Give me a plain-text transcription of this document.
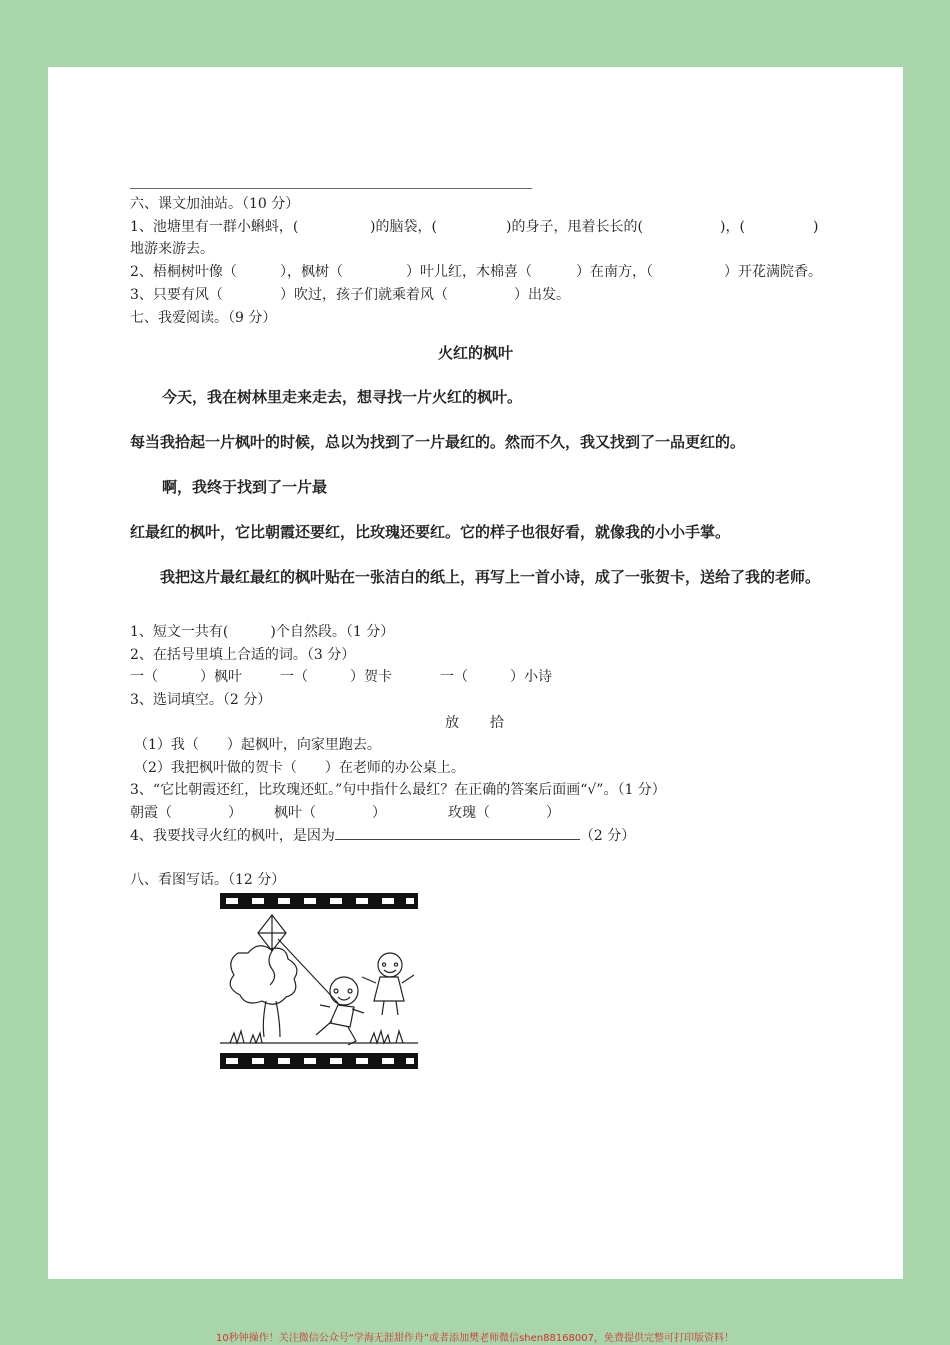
六、课文加油站。（10 分）
1、池塘里有一群小蝌蚪，(	)的脑袋，(	)的身子，甩着长长的(	)，(	)
地游来游去。
2、梧桐树叶像（	），枫树（	）叶儿红，木棉喜（	）在南方，（	）开花满院香。
3、只要有风（	）吹过，孩子们就乘着风（	）出发。
七、我爱阅读。（9 分）
火红的枫叶
今天，我在树林里走来走去，想寻找一片火红的枫叶。
每当我拾起一片枫叶的时候，总以为找到了一片最红的。然而不久，我又找到了一品更红的。
啊，我终于找到了一片最
红最红的枫叶，它比朝霞还要红，比玫瑰还要红。它的样子也很好看，就像我的小小手掌。
我把这片最红最红的枫叶贴在一张洁白的纸上，再写上一首小诗，成了一张贺卡，送给了我的老师。
1、短文一共有(　　　)个自然段。（1 分）
2、在括号里填上合适的词。（3 分）
一（　　　）枫叶	一（　　　）贺卡	一（　　　）小诗
3、选词填空。（2 分）
放 拾
（1）我（　　）起枫叶，向家里跑去。
（2）我把枫叶做的贺卡（　　）在老师的办公桌上。
3、“它比朝霞还红，比玫瑰还虹。”句中指什么最红？在正确的答案后面画“√”。（1 分）
朝霞（　　　　） 枫叶（　　　　）	玫瑰（　　　　）
4、我要找寻火红的枫叶，是因为	（2 分）
八、看图写话。（12 分）
10秒钟操作！关注微信公众号“学海无涯甜作舟”或者添加樊老师微信shen88168007，免费提供完整可打印版资料！
